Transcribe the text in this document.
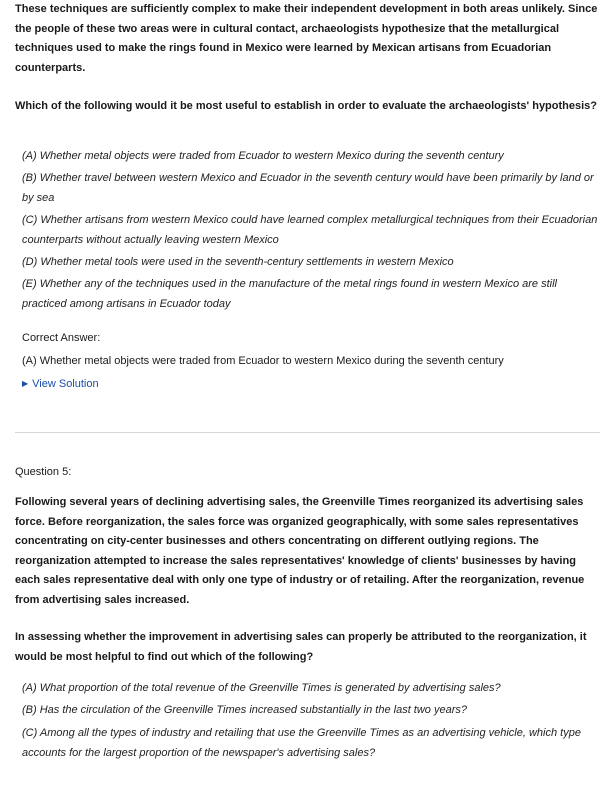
These techniques are sufficiently complex to make their independent development in both areas unlikely. Since the people of these two areas were in cultural contact, archaeologists hypothesize that the metallurgical techniques used to make the rings found in Mexico were learned by Mexican artisans from Ecuadorian counterparts.
Which of the following would it be most useful to establish in order to evaluate the archaeologists' hypothesis?
(A) Whether metal objects were traded from Ecuador to western Mexico during the seventh century
(B) Whether travel between western Mexico and Ecuador in the seventh century would have been primarily by land or by sea
(C) Whether artisans from western Mexico could have learned complex metallurgical techniques from their Ecuadorian counterparts without actually leaving western Mexico
(D) Whether metal tools were used in the seventh-century settlements in western Mexico
(E) Whether any of the techniques used in the manufacture of the metal rings found in western Mexico are still practiced among artisans in Ecuador today
Correct Answer:
(A) Whether metal objects were traded from Ecuador to western Mexico during the seventh century
▶ View Solution
Question 5:
Following several years of declining advertising sales, the Greenville Times reorganized its advertising sales force. Before reorganization, the sales force was organized geographically, with some sales representatives concentrating on city-center businesses and others concentrating on different outlying regions. The reorganization attempted to increase the sales representatives' knowledge of clients' businesses by having each sales representative deal with only one type of industry or of retailing. After the reorganization, revenue from advertising sales increased.
In assessing whether the improvement in advertising sales can properly be attributed to the reorganization, it would be most helpful to find out which of the following?
(A) What proportion of the total revenue of the Greenville Times is generated by advertising sales?
(B) Has the circulation of the Greenville Times increased substantially in the last two years?
(C) Among all the types of industry and retailing that use the Greenville Times as an advertising vehicle, which type accounts for the largest proportion of the newspaper's advertising sales?
